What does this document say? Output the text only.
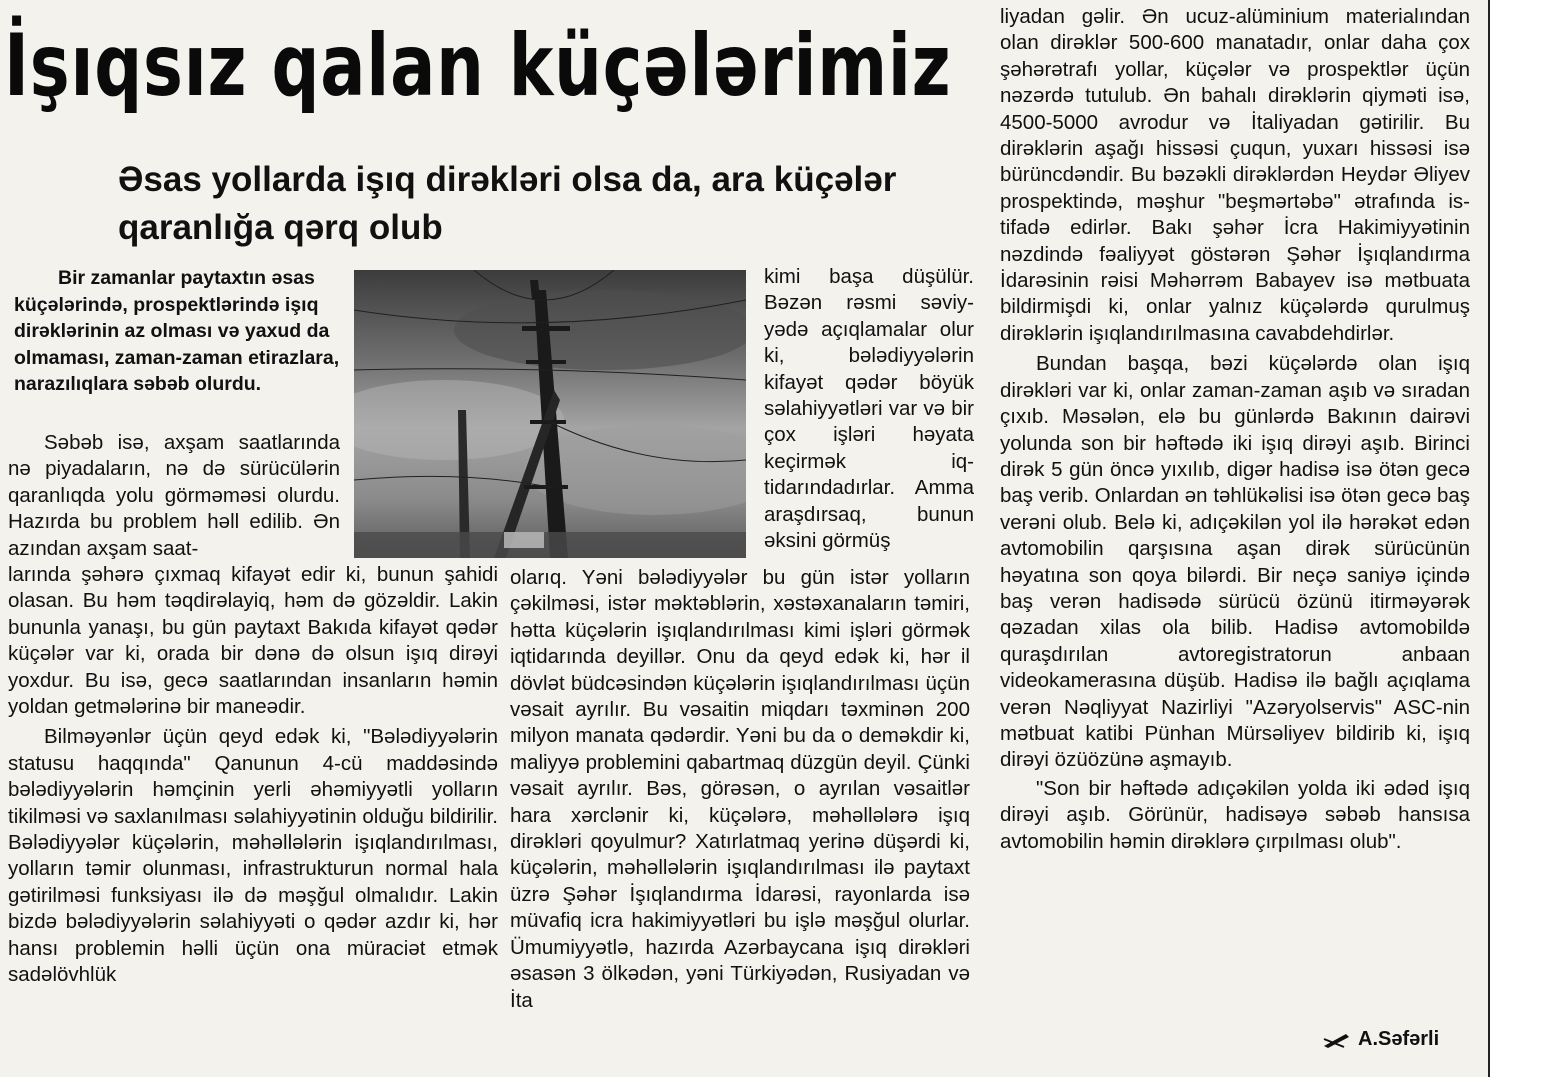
İşıqsız qalan küçələrimiz
Əsas yollarda işıq dirəkləri olsa da, ara küçələr qaranlığa qərq olub
Bir zamanlar paytaxtın əsas küçələrində, prospektlərində işıq dirəklərinin az olması və yaxud da olmaması, zaman-zaman etirazlara, narazılıqlara səbəb olurdu.
Səbəb isə, axşam saatlarında nə piyadaların, nə də sürücülərin qaranlıqda yolu görməməsi olurdu. Hazırda bu problem həll edilib. Ən azından axşam saat-

larında şəhərə çıxmaq kifayət edir ki, bunun şahidi olasan. Bu həm təqdirəlayiq, həm də gözəldir. Lakin bununla yanaşı, bu gün paytaxt Bakıda kifayət qədər küçələr var ki, orada bir dənə də olsun işıq dirəyi yoxdur. Bu isə, gecə saatlarından insanların həmin yoldan getmələrinə bir maneədir.

Bilməyənlər üçün qeyd edək ki, "Bələdiyyələrin statusu haqqında" Qanunun 4-cü maddəsində bələdiyyələrin həmçinin yerli əhəmiyyətli yolların tikilməsi və saxlanılması səlahiyyətinin olduğu bildirilir. Bələdiyyələr küçələrin, məhəllələrin işıqlandırılması, yolların təmir olunması, infrastrukturun normal hala gətirilməsi funksiyası ilə də məşğul olmalıdır. Lakin bizdə bələdiyyələrin səlahiyyəti o qədər azdır ki, hər hansı problemin həlli üçün ona müraciət etmək sadəlövhlük

kimi başa düşülür. Bəzən rəsmi səviyyədə açıqlamalar olur ki, bələdiyyələrin kifayət qədər böyük səlahiyyətləri var və bir çox işləri həyata keçirmək iqtidarındadırlar. Amma araşdırsaq, bunun əksini görmüş
olarıq. Yəni bələdiyyələr bu gün istər yolların çəkilməsi, istər məktəblərin, xəstəxanaların təmiri, hətta küçələrin işıqlandırılması kimi işləri görmək iqtidarında deyillər. Onu da qeyd edək ki, hər il dövlət büdcəsindən küçələrin işıqlandırılması üçün vəsait ayrılır. Bu vəsaitin miqdarı təxminən 200 milyon manata qədərdir. Yəni bu da o deməkdir ki, maliyyə problemini qabartmaq düzgün deyil. Çünki vəsait ayrılır. Bəs, görəsən, o ayrılan vəsaitlər hara xərclənir ki, küçələrə, məhəllələrə işıq dirəkləri qoyulmur? Xatırlatmaq yerinə düşərdi ki, küçələrin, məhəllələrin işıqlandırılması ilə paytaxt üzrə Şəhər İşıqlandırma İdarəsi, rayonlarda isə müvafiq icra hakimiyyətləri bu işlə məşğul olurlar. Ümumiyyətlə, hazırda Azərbaycana işıq dirəkləri əsasən 3 ölkədən, yəni Türkiyədən, Rusiyadan və İta

liyadan gəlir. Ən ucuz-alüminium materialından olan dirəklər 500-600 manatadır, onlar daha çox şəhərətrafı yollar, küçələr və prospektlər üçün nəzərdə tutulub. Ən bahalı dirəklərin qiyməti isə, 4500-5000 avrodur və İtaliyadan gətirilir. Bu dirəklərin aşağı hissəsi çuqun, yuxarı hissəsi isə bürüncdəndir. Bu bəzəkli dirəklərdən Heydər Əliyev prospektində, məşhur "beşmərtəbə" ətrafında istifadə edirlər. Bakı şəhər İcra Hakimiyyətinin nəzdində fəaliyyət göstərən Şəhər İşıqlandırma İdarəsinin rəisi Məhərrəm Babayev isə mətbuata bildirmişdi ki, onlar yalnız küçələrdə qurulmuş dirəklərin işıqlandırılmasına cavabdehdirlər.

Bundan başqa, bəzi küçələrdə olan işıq dirəkləri var ki, onlar zaman-zaman aşıb və sıradan çıxıb. Məsələn, elə bu günlərdə Bakının dairəvi yolunda son bir həftədə iki işıq dirəyi aşıb. Birinci dirək 5 gün öncə yıxılıb, digər hadisə isə ötən gecə baş verib. Onlardan ən təhlükəlisi isə ötən gecə baş verəni olub. Belə ki, adıçəkilən yol ilə hərəkət edən avtomobilin qarşısına aşan dirək sürücünün həyatına son qoya bilərdi. Bir neçə saniyə içində baş verən hadisədə sürücü özünü itirməyərək qəzadan xilas ola bilib. Hadisə avtomobildə quraşdırılan avtoregistratorun anbaan videokamerasına düşüb. Hadisə ilə bağlı açıqlama verən Nəqliyyat Nazirliyi "Azəryolservis" ASC-nin mətbuat katibi Pünhan Mürsəliyev bildirib ki, işıq dirəyi özüözünə aşmayıb.

"Son bir həftədə adıçəkilən yolda iki ədəd işıq dirəyi aşıb. Görünür, hadisəyə səbəb hansısa avtomobilin həmin dirəklərə çırpılması olub".

A.Səfərli
